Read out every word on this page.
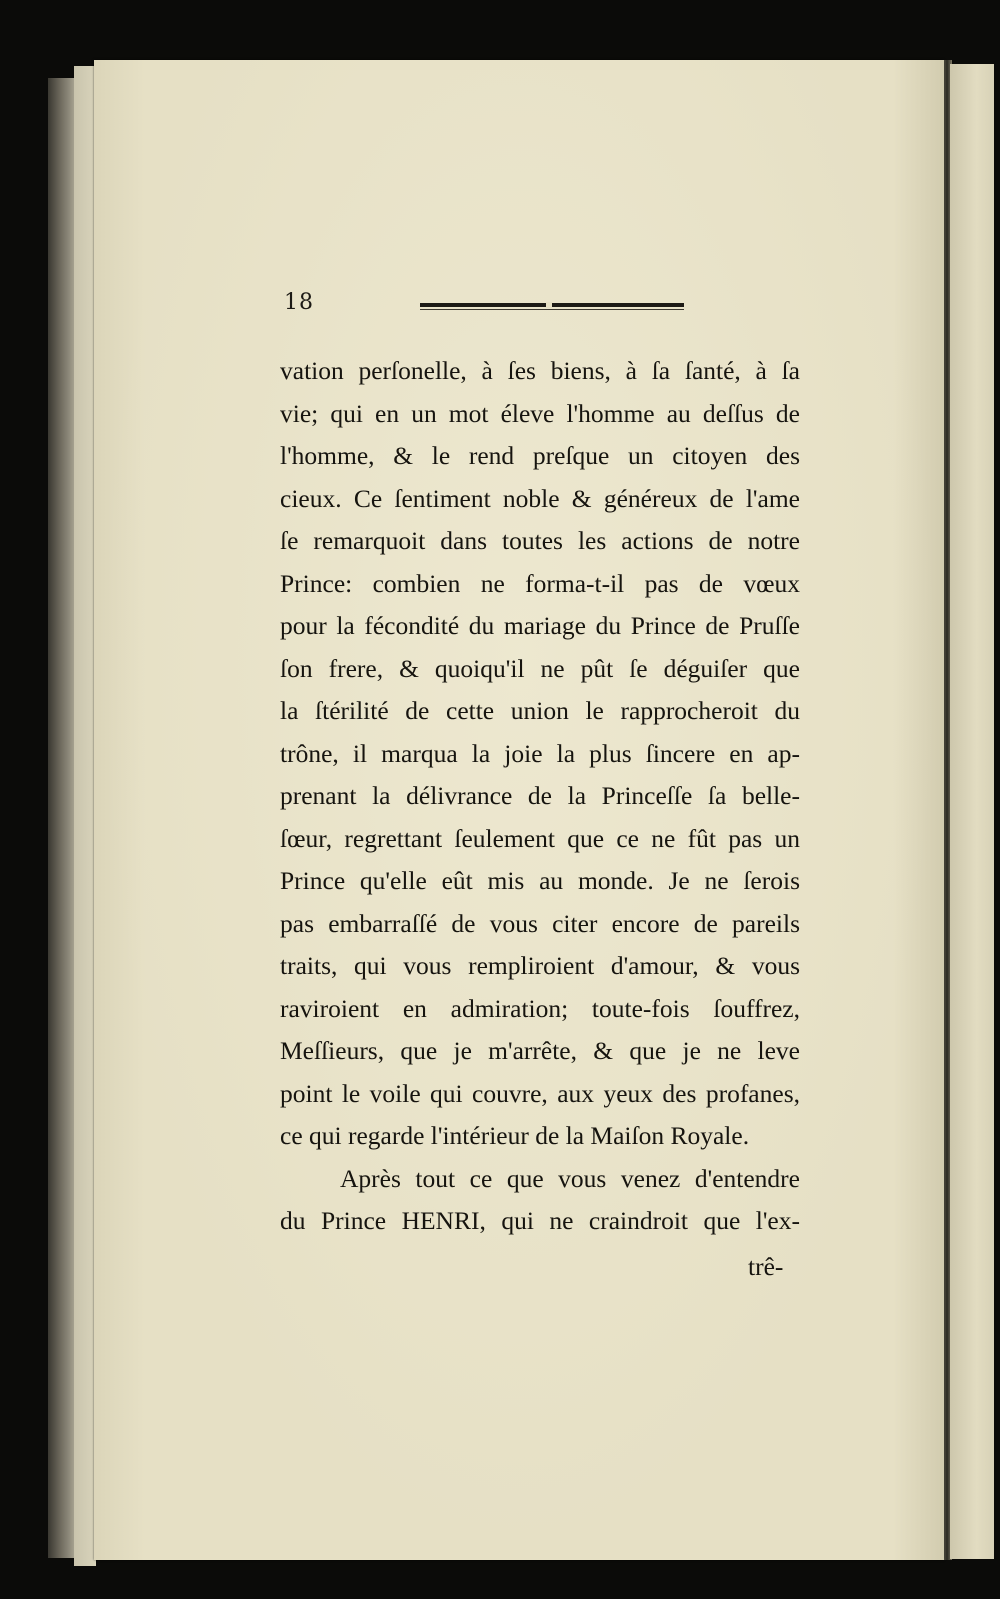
18
vation perſonelle, à ſes biens, à ſa ſanté, à ſa
vie; qui en un mot éleve l'homme au deſſus de
l'homme, & le rend preſque un citoyen des
cieux. Ce ſentiment noble & généreux de l'ame
ſe remarquoit dans toutes les actions de notre
Prince: combien ne forma-t-il pas de vœux
pour la fécondité du mariage du Prince de Pruſſe
ſon frere, & quoiqu'il ne pût ſe déguiſer que
la ſtérilité de cette union le rapprocheroit du
trône, il marqua la joie la plus ſincere en ap-
prenant la délivrance de la Princeſſe ſa belle-
ſœur, regrettant ſeulement que ce ne fût pas un
Prince qu'elle eût mis au monde. Je ne ſerois
pas embarraſſé de vous citer encore de pareils
traits, qui vous rempliroient d'amour, & vous
raviroient en admiration; toute-fois ſouffrez,
Meſſieurs, que je m'arrête, & que je ne leve
point le voile qui couvre, aux yeux des profanes,
ce qui regarde l'intérieur de la Maiſon Royale.
Après tout ce que vous venez d'entendre
du Prince HENRI, qui ne craindroit que l'ex-
trê-
